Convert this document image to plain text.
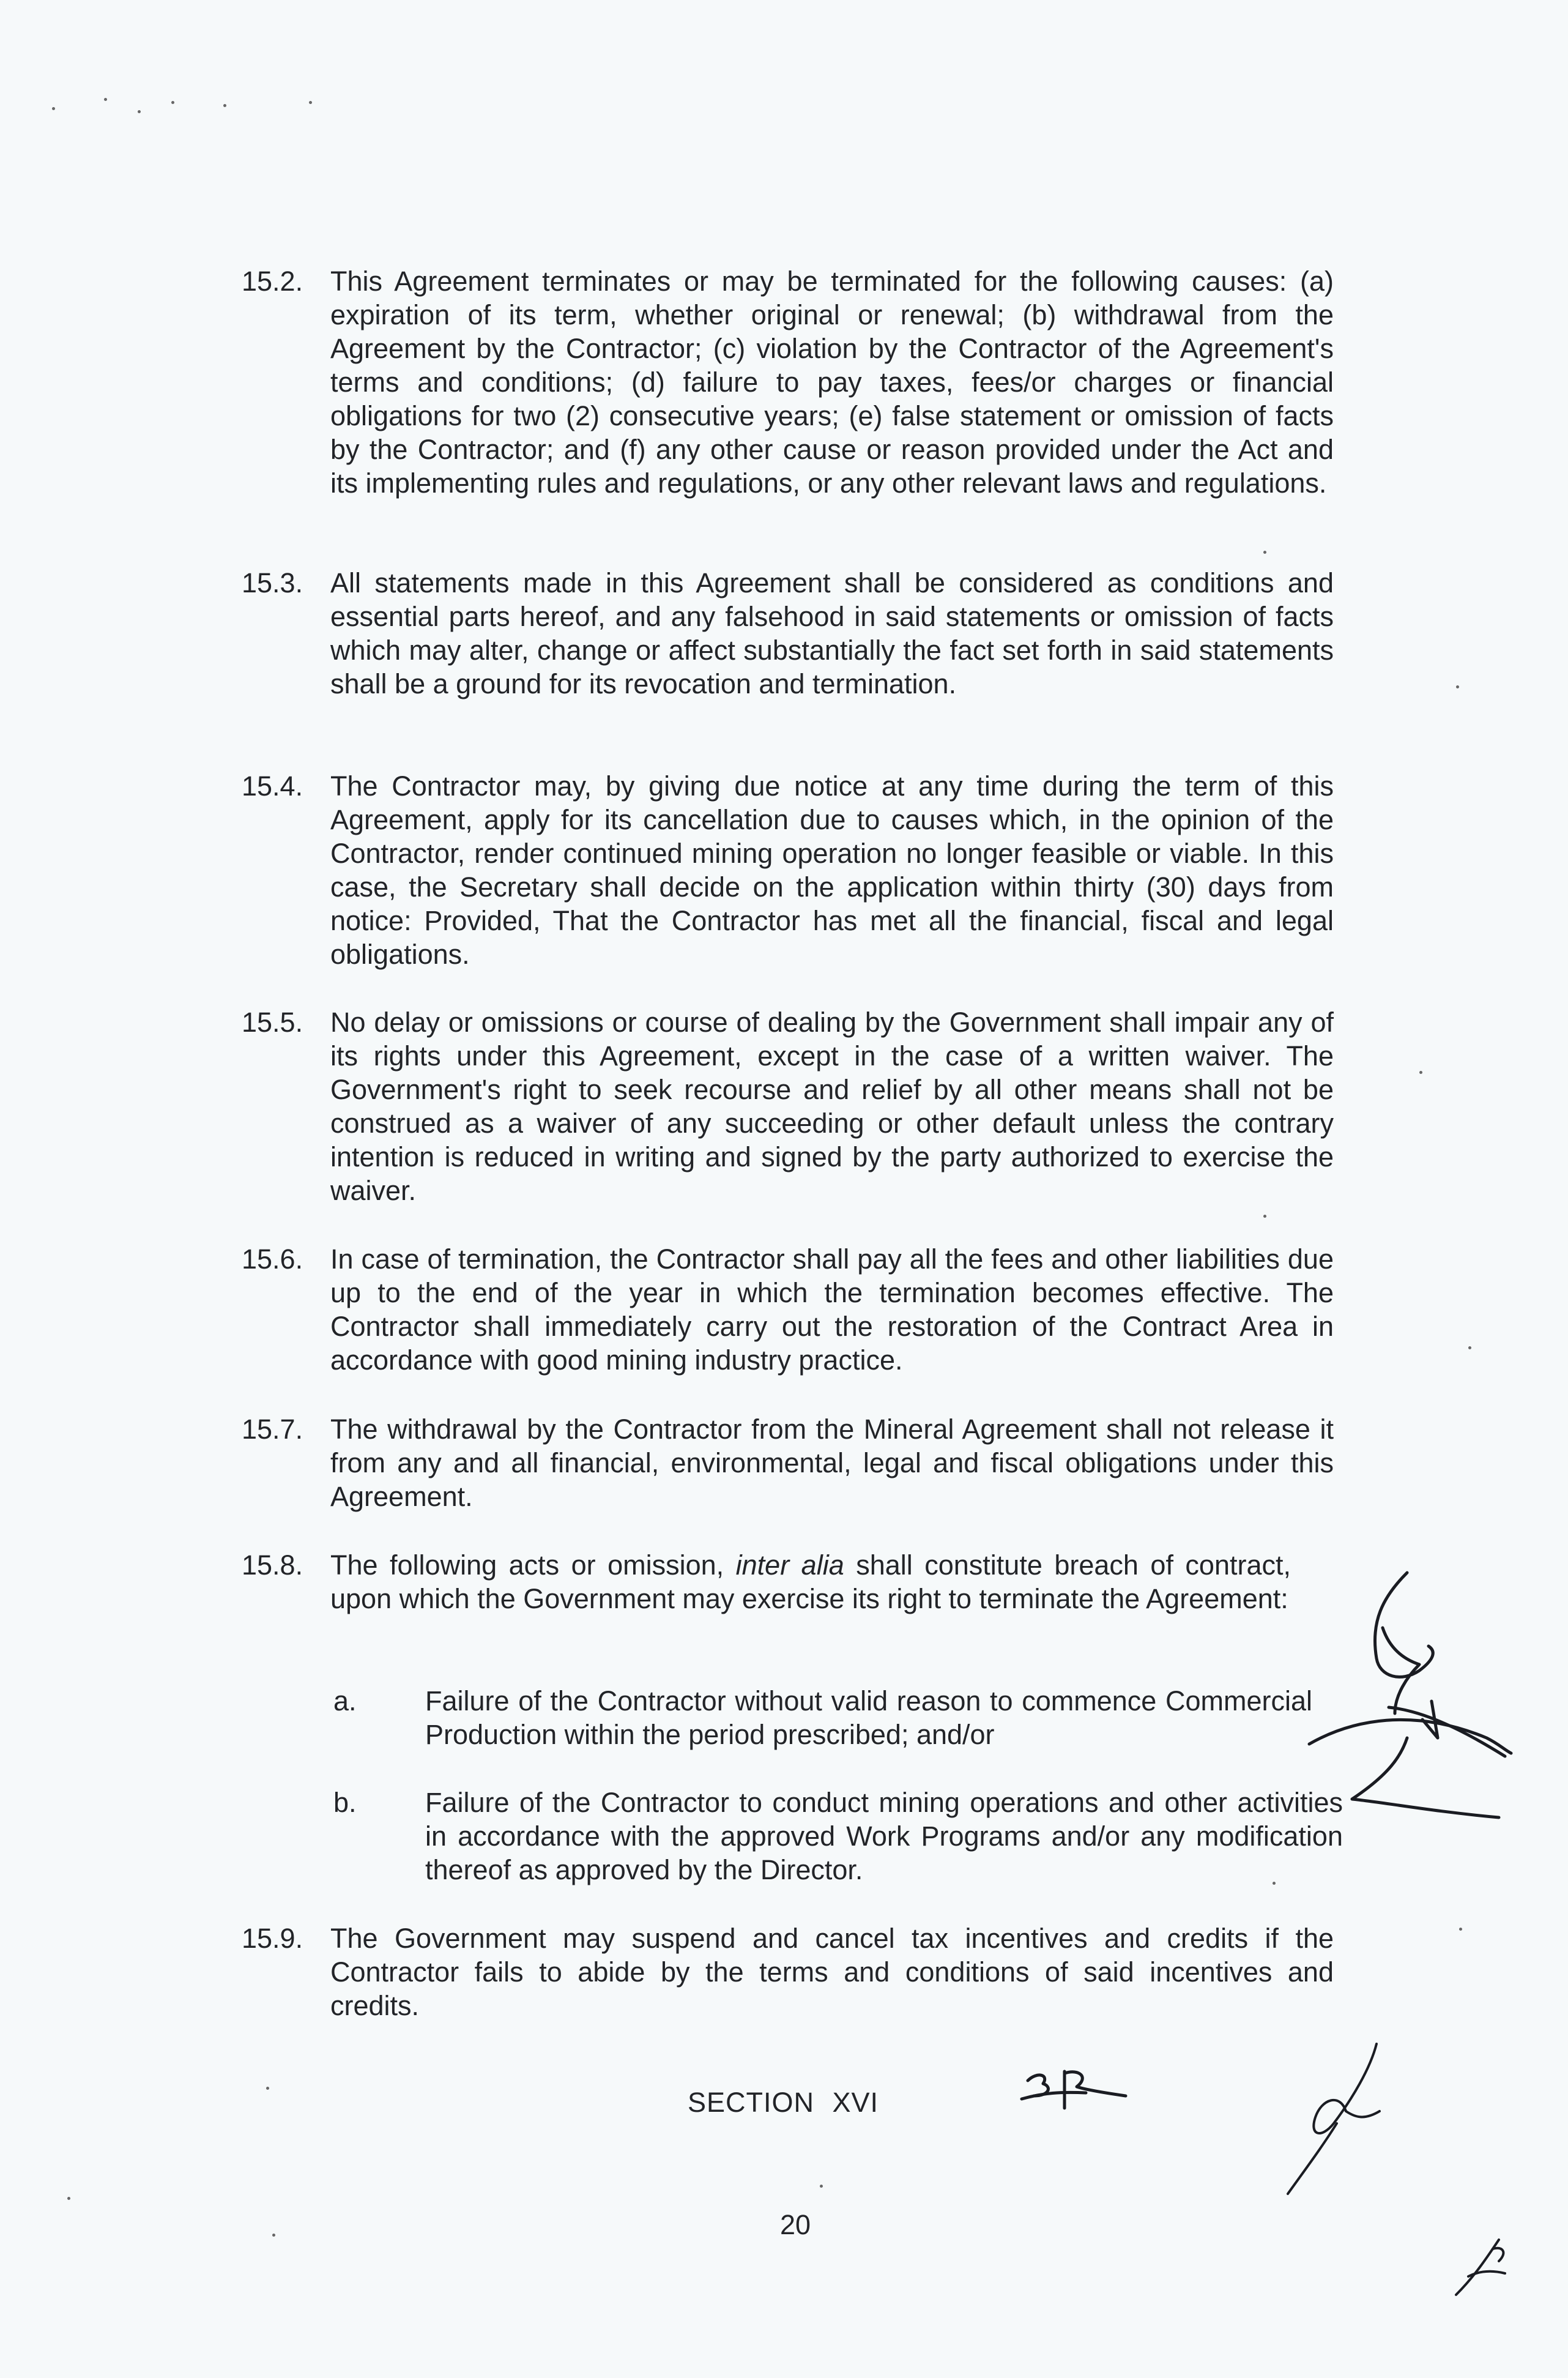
15.2. This Agreement terminates or may be terminated for the following causes: (a) expiration of its term, whether original or renewal; (b) withdrawal from the Agreement by the Contractor; (c) violation by the Contractor of the Agreement's terms and conditions; (d) failure to pay taxes, fees/or charges or financial obligations for two (2) consecutive years; (e) false statement or omission of facts by the Contractor; and (f) any other cause or reason provided under the Act and its implementing rules and regulations, or any other relevant laws and regulations.
15.3. All statements made in this Agreement shall be considered as conditions and essential parts hereof, and any falsehood in said statements or omission of facts which may alter, change or affect substantially the fact set forth in said statements shall be a ground for its revocation and termination.
15.4. The Contractor may, by giving due notice at any time during the term of this Agreement, apply for its cancellation due to causes which, in the opinion of the Contractor, render continued mining operation no longer feasible or viable. In this case, the Secretary shall decide on the application within thirty (30) days from notice: Provided, That the Contractor has met all the financial, fiscal and legal obligations.
15.5. No delay or omissions or course of dealing by the Government shall impair any of its rights under this Agreement, except in the case of a written waiver. The Government's right to seek recourse and relief by all other means shall not be construed as a waiver of any succeeding or other default unless the contrary intention is reduced in writing and signed by the party authorized to exercise the waiver.
15.6. In case of termination, the Contractor shall pay all the fees and other liabilities due up to the end of the year in which the termination becomes effective. The Contractor shall immediately carry out the restoration of the Contract Area in accordance with good mining industry practice.
15.7. The withdrawal by the Contractor from the Mineral Agreement shall not release it from any and all financial, environmental, legal and fiscal obligations under this Agreement.
15.8. The following acts or omission, inter alia shall constitute breach of contract, upon which the Government may exercise its right to terminate the Agreement:
a. Failure of the Contractor without valid reason to commence Commercial Production within the period prescribed; and/or
b. Failure of the Contractor to conduct mining operations and other activities in accordance with the approved Work Programs and/or any modification thereof as approved by the Director.
15.9. The Government may suspend and cancel tax incentives and credits if the Contractor fails to abide by the terms and conditions of said incentives and credits.
SECTION XVI
20
